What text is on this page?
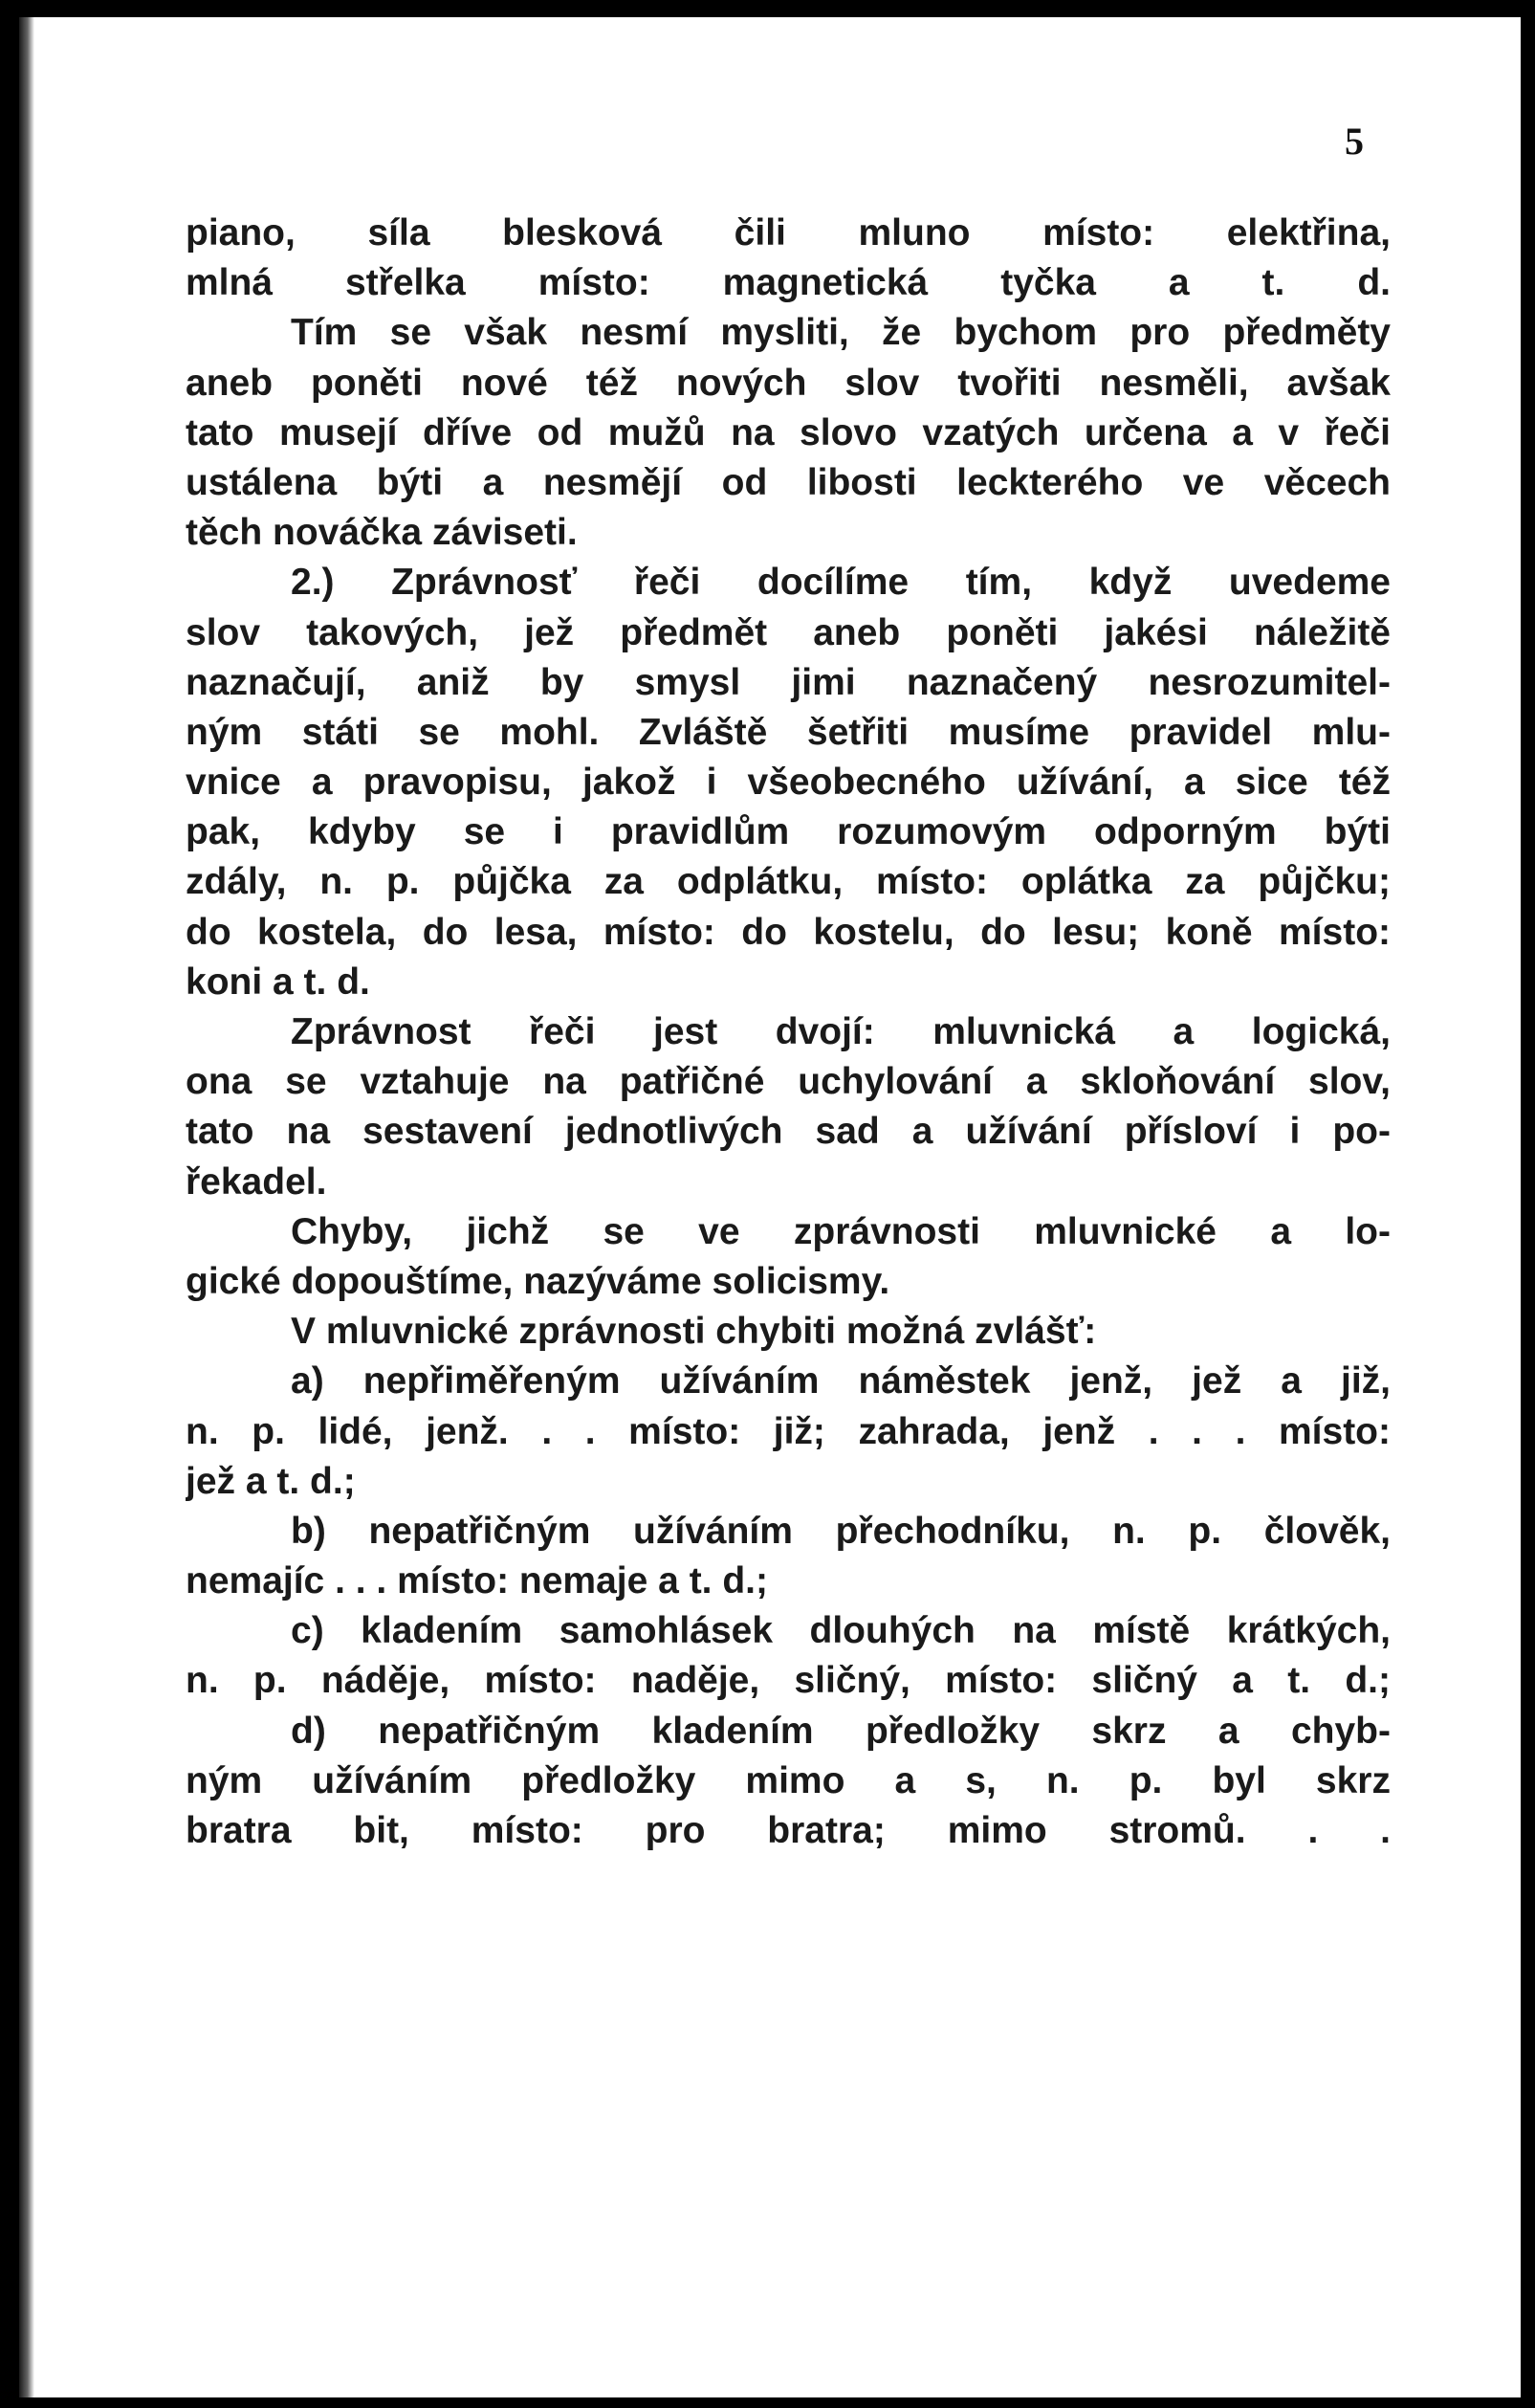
5

piano, síla blesková čili mluno místo: elektřina,
mlná střelka místo: magnetická tyčka a t. d.
Tím se však nesmí mysliti, že bychom pro předměty
aneb poněti nové též nových slov tvořiti nesměli, avšak
tato musejí dříve od mužů na slovo vzatých určena a v řeči
ustálena býti a nesmějí od libosti leckterého ve věcech
těch nováčka záviseti.
2.) Zprávnosť řeči docílíme tím, když uvedeme
slov takových, jež předmět aneb poněti jakési náležitě
naznačují, aniž by smysl jimi naznačený nesrozumitel-
ným státi se mohl. Zvláště šetřiti musíme pravidel mlu-
vnice a pravopisu, jakož i všeobecného užívání, a sice též
pak, kdyby se i pravidlům rozumovým odporným býti
zdály, n. p. půjčka za odplátku, místo: oplátka za půjčku;
do kostela, do lesa, místo: do kostelu, do lesu; koně místo:
koni a t. d.
Zprávnost řeči jest dvojí: mluvnická a logická,
ona se vztahuje na patřičné uchylování a skloňování slov,
tato na sestavení jednotlivých sad a užívání přísloví i po-
řekadel.
Chyby, jichž se ve zprávnosti mluvnické a lo-
gické dopouštíme, nazýváme solicismy.
V mluvnické zprávnosti chybiti možná zvlášť:
a) nepřiměřeným užíváním náměstek jenž, jež a již,
n. p. lidé, jenž. . . místo: již; zahrada, jenž . . . místo:
jež a t. d.;
b) nepatřičným užíváním přechodníku, n. p. člověk,
nemajíc . . . místo: nemaje a t. d.;
c) kladením samohlásek dlouhých na místě krátkých,
n. p. náděje, místo: naděje, sličný, místo: sličný a t. d.;
d) nepatřičným kladením předložky skrz a chyb-
ným užíváním předložky mimo a s, n. p. byl skrz
bratra bit, místo: pro bratra; mimo stromů. . .
